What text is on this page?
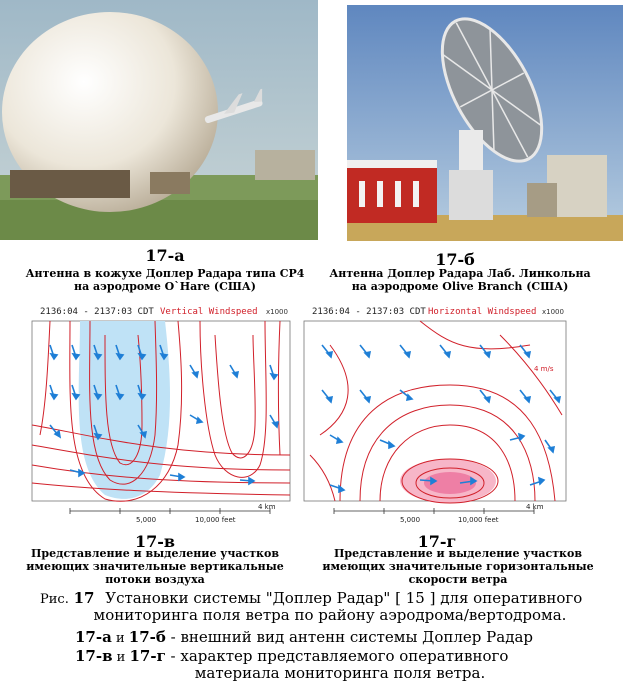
17-а
Антенна в кожухе Доплер Радара типа CP4
на аэродроме O`Hare (США)
17-б
Антенна Доплер Радара Лаб. Линкольна
на аэродроме Olive Branch (США)
2136:04 - 2137:03 CDT Vertical Windspeed x1000
5,000	10,000 feet
4 km
2136:04 - 2137:03 CDT Horizontal Windspeed x1000
4 m/s
5,000	10,000 feet
4 km
17-в
Представление и выделение участков
имеющих значительные вертикальные
потоки воздуха
17-г
Представление и выделение участков
имеющих значительные горизонтальные
скорости ветра
Рис. 17 Установки системы "Доплер Радар" [ 15 ] для оперативного
мониторинга поля ветра по району аэродрома/вертодрома.
17-а и 17-б - внешний вид антенн системы Доплер Радар
17-в и 17-г - характер представляемого оперативного
материала мониторинга поля ветра.
